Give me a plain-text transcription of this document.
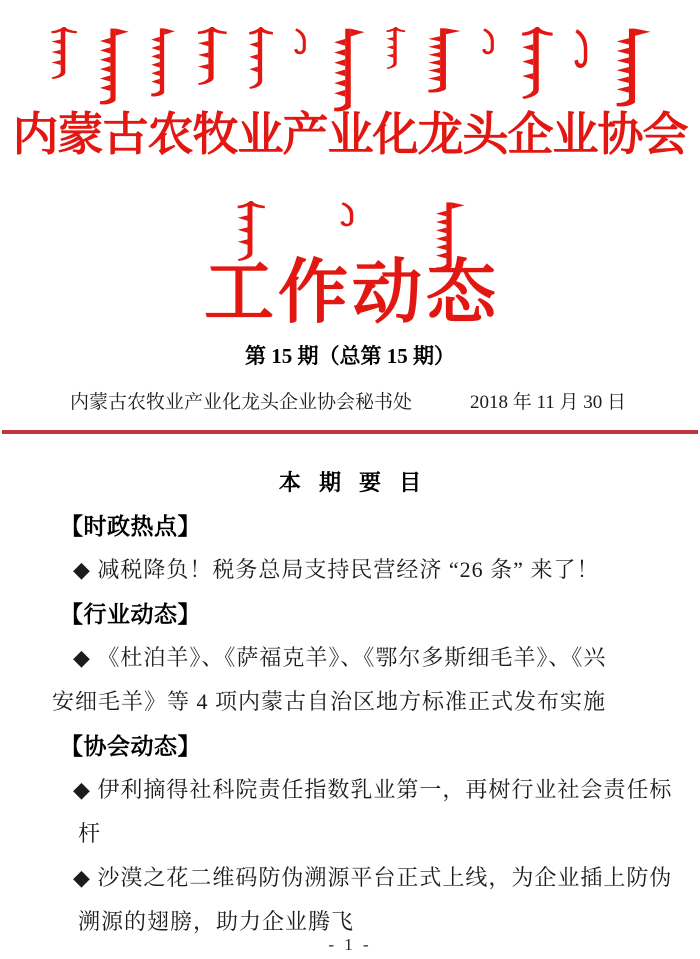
内蒙古农牧业产业化龙头企业协会
工作动态
第 15 期（总第 15 期）
内蒙古农牧业产业化龙头企业协会秘书处	2018 年 11 月 30 日
本 期 要 目
【时政热点】
◆ 减税降负！税务总局支持民营经济 “26 条” 来了！
【行业动态】
◆ 《杜泊羊》、《萨福克羊》、《鄂尔多斯细毛羊》、《兴
安细毛羊》等 4 项内蒙古自治区地方标准正式发布实施
【协会动态】
◆ 伊利摘得社科院责任指数乳业第一，再树行业社会责任标
杆
◆ 沙漠之花二维码防伪溯源平台正式上线，为企业插上防伪
溯源的翅膀，助力企业腾飞
- 1 -
